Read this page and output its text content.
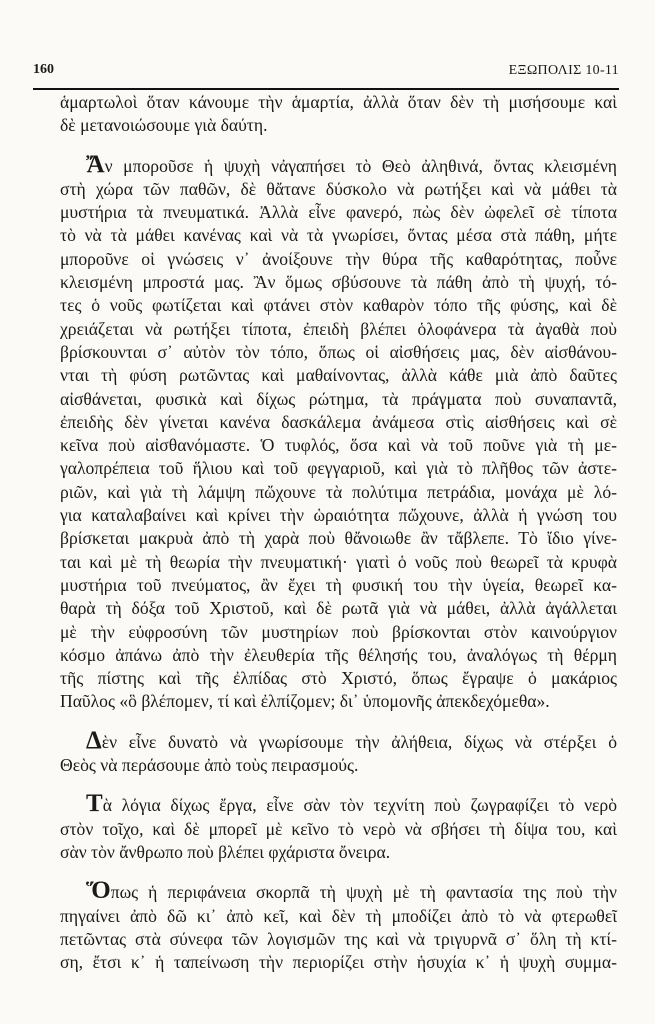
160	ΕΞΩΠΟΛΙΣ 10-11
ἁμαρτωλοὶ ὅταν κάνουμε τὴν ἁμαρτία, ἀλλὰ ὅταν δὲν τὴ μισήσουμε καὶ
δὲ μετανοιώσουμε γιὰ δαύτη.
Ἄν μποροῦσε ἡ ψυχὴ νἀγαπήσει τὸ Θεὸ ἀληθινά, ὄντας κλεισμένη
στὴ χώρα τῶν παθῶν, δὲ θἄτανε δύσκολο νὰ ρωτήξει καὶ νὰ μάθει τὰ
μυστήρια τὰ πνευματικά. Ἀλλὰ εἶνε φανερό, πὼς δὲν ὠφελεῖ σὲ τίποτα
τὸ νὰ τὰ μάθει κανένας καὶ νὰ τὰ γνωρίσει, ὄντας μέσα στὰ πάθη, μήτε
μποροῦνε οἱ γνώσεις ν᾽ ἀνοίξουνε τὴν θύρα τῆς καθαρότητας, ποὖνε
κλεισμένη μπροστά μας. Ἂν ὅμως σβύσουνε τὰ πάθη ἀπὸ τὴ ψυχή, τό-
τες ὁ νοῦς φωτίζεται καὶ φτάνει στὸν καθαρὸν τόπο τῆς φύσης, καὶ δὲ
χρειάζεται νὰ ρωτήξει τίποτα, ἐπειδὴ βλέπει ὁλοφάνερα τὰ ἀγαθὰ ποὺ
βρίσκουνται σ᾽ αὐτὸν τὸν τόπο, ὅπως οἱ αἰσθήσεις μας, δὲν αἰσθάνου-
νται τὴ φύση ρωτῶντας καὶ μαθαίνοντας, ἀλλὰ κάθε μιὰ ἀπὸ δαῦτες
αἰσθάνεται, φυσικὰ καὶ δίχως ρώτημα, τὰ πράγματα ποὺ συναπαντᾶ,
ἐπειδὴς δὲν γίνεται κανένα δασκάλεμα ἀνάμεσα στὶς αἰσθήσεις καὶ σὲ
κεῖνα ποὺ αἰσθανόμαστε. Ὁ τυφλός, ὅσα καὶ νὰ τοῦ ποῦνε γιὰ τὴ με-
γαλοπρέπεια τοῦ ἥλιου καὶ τοῦ φεγγαριοῦ, καὶ γιὰ τὸ πλῆθος τῶν ἀστε-
ριῶν, καὶ γιὰ τὴ λάμψη πὤχουνε τὰ πολύτιμα πετράδια, μονάχα μὲ λό-
για καταλαβαίνει καὶ κρίνει τὴν ὡραιότητα πὤχουνε, ἀλλὰ ἡ γνώση του
βρίσκεται μακρυὰ ἀπὸ τὴ χαρὰ ποὺ θἄνοιωθε ἂν τἄβλεπε. Τὸ ἴδιο γίνε-
ται καὶ μὲ τὴ θεωρία τὴν πνευματική· γιατὶ ὁ νοῦς ποὺ θεωρεῖ τὰ κρυφὰ
μυστήρια τοῦ πνεύματος, ἂν ἔχει τὴ φυσική του τὴν ὑγεία, θεωρεῖ κα-
θαρὰ τὴ δόξα τοῦ Χριστοῦ, καὶ δὲ ρωτᾶ γιὰ νὰ μάθει, ἀλλὰ ἀγάλλεται
μὲ τὴν εὐφροσύνη τῶν μυστηρίων ποὺ βρίσκονται στὸν καινούργιον
κόσμο ἀπάνω ἀπὸ τὴν ἐλευθερία τῆς θέλησής του, ἀναλόγως τὴ θέρμη
τῆς πίστης καὶ τῆς ἐλπίδας στὸ Χριστό, ὅπως ἔγραψε ὁ μακάριος
Παῦλος «ὃ βλέπομεν, τί καὶ ἐλπίζομεν; δι᾽ ὑπομονῆς ἀπεκδεχόμεθα».
Δὲν εἶνε δυνατὸ νὰ γνωρίσουμε τὴν ἀλήθεια, δίχως νὰ στέρξει ὁ
Θεὸς νὰ περάσουμε ἀπὸ τοὺς πειρασμούς.
Τὰ λόγια δίχως ἔργα, εἶνε σὰν τὸν τεχνίτη ποὺ ζωγραφίζει τὸ νερὸ
στὸν τοῖχο, καὶ δὲ μπορεῖ μὲ κεῖνο τὸ νερὸ νὰ σβήσει τὴ δίψα του, καὶ
σὰν τὸν ἄνθρωπο ποὺ βλέπει φχάριστα ὄνειρα.
Ὅπως ἡ περιφάνεια σκορπᾶ τὴ ψυχὴ μὲ τὴ φαντασία της ποὺ τὴν
πηγαίνει ἀπὸ δῶ κι᾽ ἀπὸ κεῖ, καὶ δὲν τὴ μποδίζει ἀπὸ τὸ νὰ φτερωθεῖ
πετῶντας στὰ σύνεφα τῶν λογισμῶν της καὶ νὰ τριγυρνᾶ σ᾽ ὅλη τὴ κτί-
ση, ἔτσι κ᾽ ἡ ταπείνωση τὴν περιορίζει στὴν ἡσυχία κ᾽ ἡ ψυχὴ συμμα-
